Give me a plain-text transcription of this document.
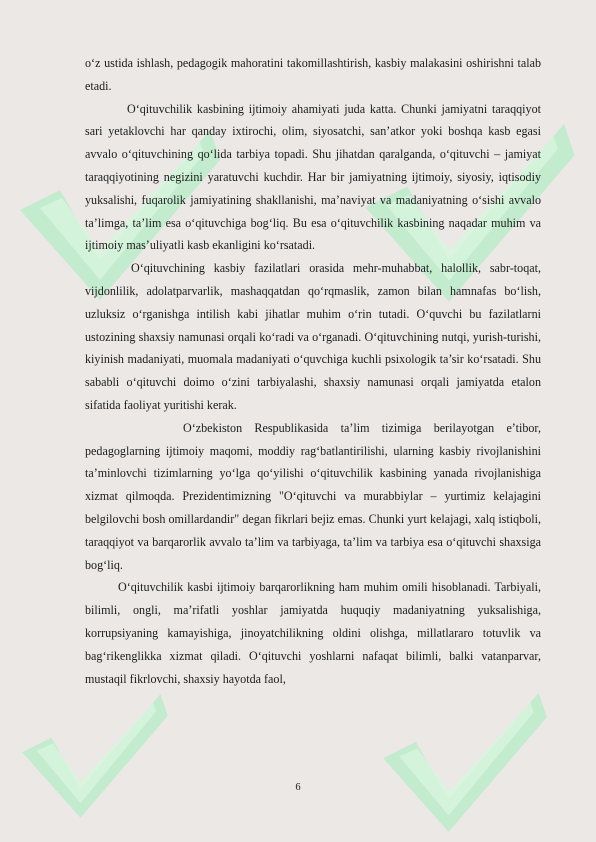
o‘z ustida ishlash, pedagogik mahoratini takomillashtirish, kasbiy malakasini oshirishni talab etadi.

O‘qituvchilik kasbining ijtimoiy ahamiyati juda katta. Chunki jamiyatni taraqqiyot sari yetaklovchi har qanday ixtirochi, olim, siyosatchi, san’atkor yoki boshqa kasb egasi avvalo o‘qituvchining qo‘lida tarbiya topadi. Shu jihatdan qaralganda, o‘qituvchi – jamiyat taraqqiyotining negizini yaratuvchi kuchdir. Har bir jamiyatning ijtimoiy, siyosiy, iqtisodiy yuksalishi, fuqarolik jamiyatining shakllanishi, ma’naviyat va madaniyatning o‘sishi avvalo ta’limga, ta’lim esa o‘qituvchiga bog‘liq. Bu esa o‘qituvchilik kasbining naqadar muhim va ijtimoiy mas’uliyatli kasb ekanligini ko‘rsatadi.

O‘qituvchining kasbiy fazilatlari orasida mehr-muhabbat, halollik, sabr-toqat, vijdonlilik, adolatparvarlik, mashaqqatdan qo‘rqmaslik, zamon bilan hamnafas bo‘lish, uzluksiz o‘rganishga intilish kabi jihatlar muhim o‘rin tutadi. O‘quvchi bu fazilatlarni ustozining shaxsiy namunasi orqali ko‘radi va o‘rganadi. O‘qituvchining nutqi, yurish-turishi, kiyinish madaniyati, muomala madaniyati o‘quvchiga kuchli psixologik ta’sir ko‘rsatadi. Shu sababli o‘qituvchi doimo o‘zini tarbiyalashi, shaxsiy namunasi orqali jamiyatda etalon sifatida faoliyat yuritishi kerak.

O‘zbekiston Respublikasida ta’lim tizimiga berilayotgan e’tibor, pedagoglarning ijtimoiy maqomi, moddiy rag‘batlantirilishi, ularning kasbiy rivojlanishini ta’minlovchi tizimlarning yo‘lga qo‘yilishi o‘qituvchilik kasbining yanada rivojlanishiga xizmat qilmoqda. Prezidentimizning "O‘qituvchi va murabbiylar – yurtimiz kelajagini belgilovchi bosh omillardandir" degan fikrlari bejiz emas. Chunki yurt kelajagi, xalq istiqboli, taraqqiyot va barqarorlik avvalo ta’lim va tarbiyaga, ta’lim va tarbiya esa o‘qituvchi shaxsiga bog‘liq.

O‘qituvchilik kasbi ijtimoiy barqarorlikning ham muhim omili hisoblanadi. Tarbiyali, bilimli, ongli, ma’rifatli yoshlar jamiyatda huquqiy madaniyatning yuksalishiga, korrupsiyaning kamayishiga, jinoyatchilikning oldini olishga, millatlararo totuvlik va bag‘rikenglikka xizmat qiladi. O‘qituvchi yoshlarni nafaqat bilimli, balki vatanparvar, mustaqil fikrlovchi, shaxsiy hayotda faol,

6
